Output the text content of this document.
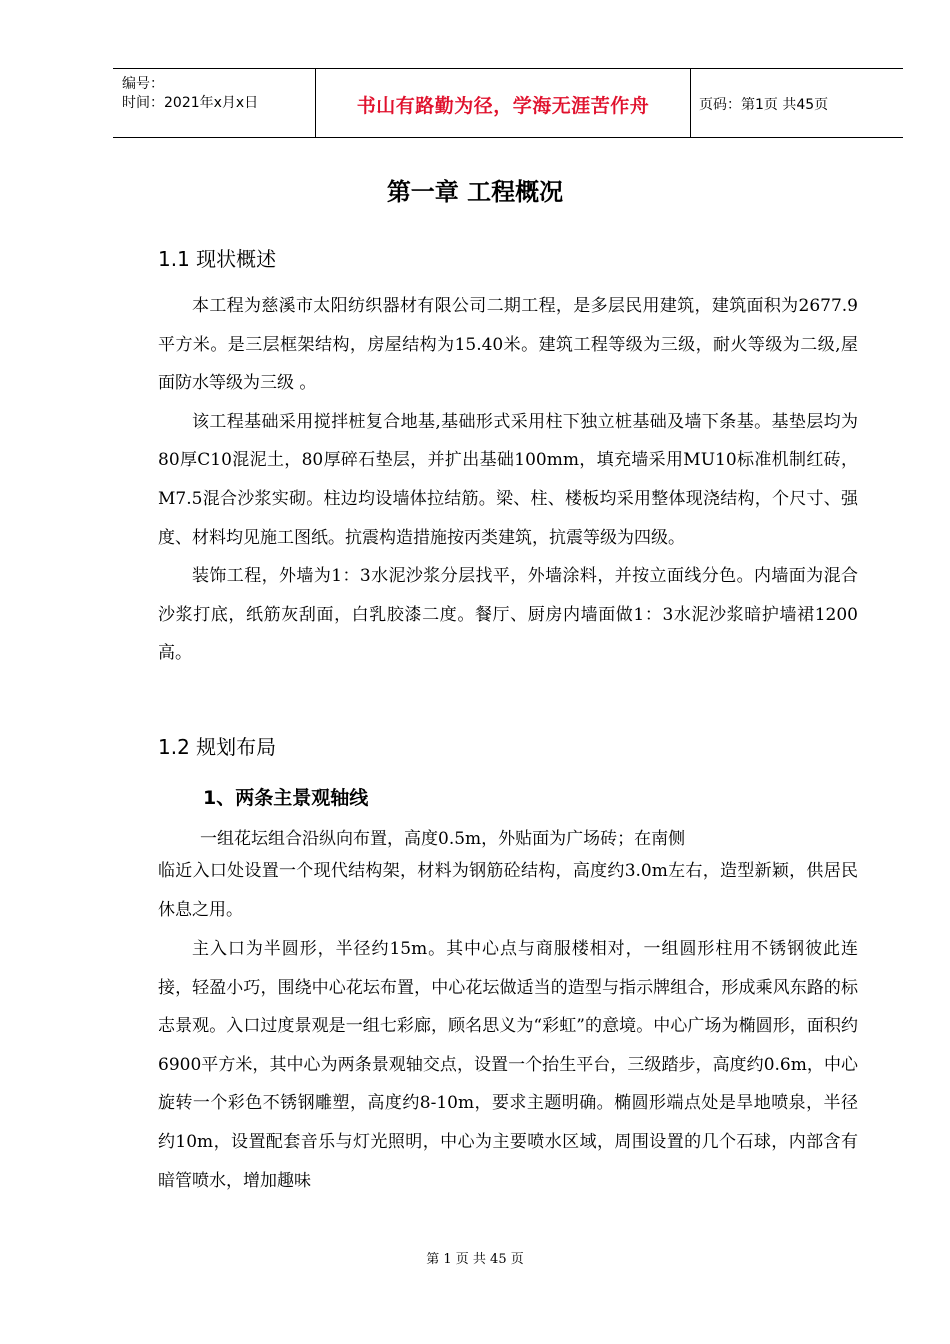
编号：
时间：2021年x月x日	书山有路勤为径，学海无涯苦作舟	页码：第1页 共45页
第一章 工程概况
1.1 现状概述

本工程为慈溪市太阳纺织器材有限公司二期工程，是多层民用建筑，建筑面积为2677.9平方米。是三层框架结构，房屋结构为15.40米。建筑工程等级为三级，耐火等级为二级,屋面防水等级为三级 。

该工程基础采用搅拌桩复合地基,基础形式采用柱下独立桩基础及墙下条基。基垫层均为80厚C10混泥土，80厚碎石垫层，并扩出基础100mm，填充墙采用MU10标准机制红砖，M7.5混合沙浆实砌。柱边均设墙体拉结筋。梁、柱、楼板均采用整体现浇结构，个尺寸、强度、材料均见施工图纸。抗震构造措施按丙类建筑，抗震等级为四级。

装饰工程，外墙为1：3水泥沙浆分层找平，外墙涂料，并按立面线分色。内墙面为混合沙浆打底，纸筋灰刮面，白乳胶漆二度。餐厅、厨房内墙面做1：3水泥沙浆暗护墙裙1200高。

1.2 规划布局
1、两条主景观轴线
一组花坛组合沿纵向布置，高度0.5m，外贴面为广场砖；在南侧

临近入口处设置一个现代结构架，材料为钢筋砼结构，高度约3.0m左右，造型新颖，供居民休息之用。

主入口为半圆形，半径约15m。其中心点与商服楼相对，一组圆形柱用不锈钢彼此连接，轻盈小巧，围绕中心花坛布置，中心花坛做适当的造型与指示牌组合，形成乘风东路的标志景观。入口过度景观是一组七彩廊，顾名思义为“彩虹”的意境。中心广场为椭圆形，面积约6900平方米，其中心为两条景观轴交点，设置一个抬生平台，三级踏步，高度约0.6m，中心旋转一个彩色不锈钢雕塑，高度约8-10m，要求主题明确。椭圆形端点处是旱地喷泉，半径约10m，设置配套音乐与灯光照明，中心为主要喷水区域，周围设置的几个石球，内部含有暗管喷水，增加趣味

第 1 页 共 45 页
